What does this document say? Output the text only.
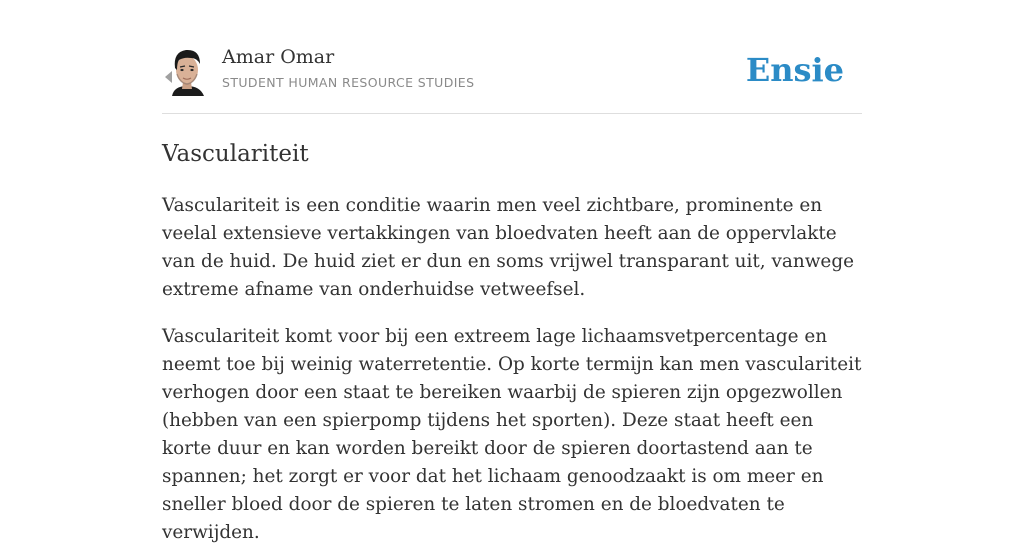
Amar Omar
STUDENT HUMAN RESOURCE STUDIES	Ensie
Vasculariteit

Vasculariteit is een conditie waarin men veel zichtbare, prominente en veelal extensieve vertakkingen van bloedvaten heeft aan de oppervlakte van de huid. De huid ziet er dun en soms vrijwel transparant uit, vanwege extreme afname van onderhuidse vetweefsel.

Vasculariteit komt voor bij een extreem lage lichaamsvetpercentage en neemt toe bij weinig waterretentie. Op korte termijn kan men vasculariteit verhogen door een staat te bereiken waarbij de spieren zijn opgezwollen (hebben van een spierpomp tijdens het sporten). Deze staat heeft een korte duur en kan worden bereikt door de spieren doortastend aan te spannen; het zorgt er voor dat het lichaam genoodzaakt is om meer en sneller bloed door de spieren te laten stromen en de bloedvaten te verwijden.
